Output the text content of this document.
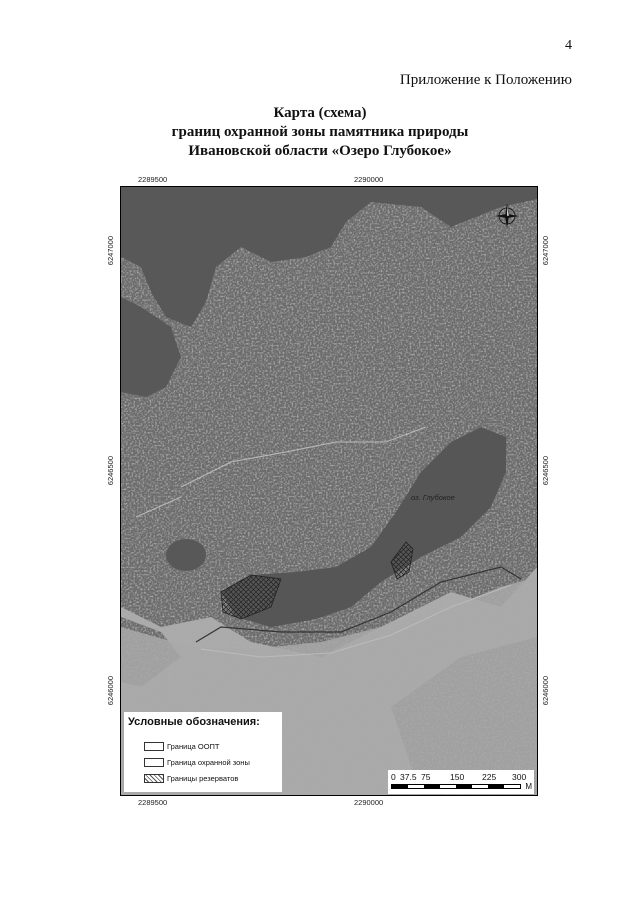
4
Приложение к Положению
Карта (схема)
границ охранной зоны памятника природы
Ивановской области «Озеро Глубокое»
2289500	2290000
2289500	2290000
6247000
6246500
6246000
6247000
6246500
6246000
оз. Глубокое
Условные обозначения:
Граница ООПТ
Граница охранной зоны
Границы резерватов	0 37.5 75 150 225 300
M
